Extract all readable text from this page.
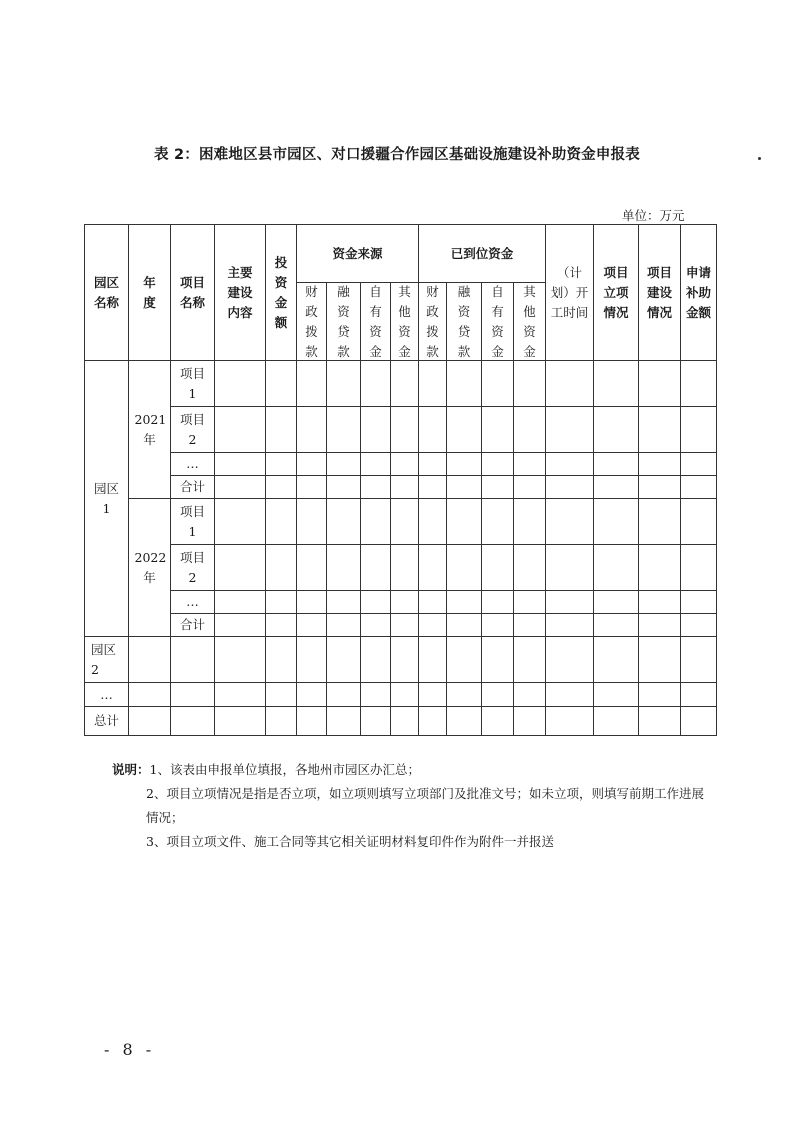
表 2：困难地区县市园区、对口援疆合作园区基础设施建设补助资金申报表
单位：万元
园区名称
年度
项目名称
主要建设内容
投资金额
资金来源	已到位资金
（计划）开工时间
项目立项情况
项目建设情况
申请补助金额
财政拨款
融资贷款
自有资金
其他资金
财政拨款
融资贷款
自有资金
其他资金
园区1
2021年
2022年
项目1
项目2
…
合计
项目1
项目2
…
合计
园区2
…
总计
说明：1、该表由申报单位填报，各地州市园区办汇总；
2、项目立项情况是指是否立项，如立项则填写立项部门及批准文号；如未立项，则填写前期工作进展情况；
3、项目立项文件、施工合同等其它相关证明材料复印件作为附件一并报送
- 8 -
